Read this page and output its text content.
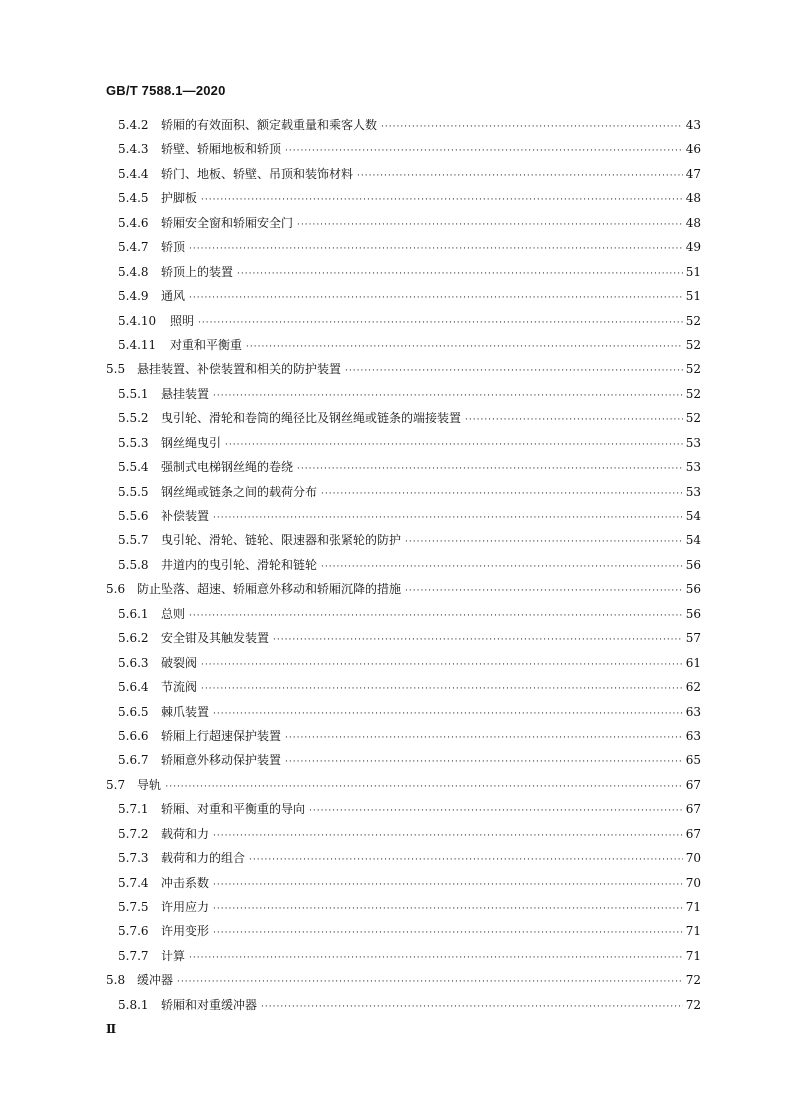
GB/T 7588.1—2020
5.4.2	轿厢的有效面积、额定载重量和乘客人数 ·····	43
5.4.3	轿壁、轿厢地板和轿顶 ·····	46
5.4.4	轿门、地板、轿壁、吊顶和装饰材料 ·····	47
5.4.5	护脚板 ·····	48
5.4.6	轿厢安全窗和轿厢安全门 ·····	48
5.4.7	轿顶 ·····	49
5.4.8	轿顶上的装置 ·····	51
5.4.9	通风 ·····	51
5.4.10	照明 ·····	52
5.4.11	对重和平衡重 ·····	52
5.5 悬挂装置、补偿装置和相关的防护装置 ·····	52
5.5.1	悬挂装置 ·····	52
5.5.2	曳引轮、滑轮和卷筒的绳径比及钢丝绳或链条的端接装置 ·····	52
5.5.3	钢丝绳曳引 ·····	53
5.5.4	强制式电梯钢丝绳的卷绕 ·····	53
5.5.5	钢丝绳或链条之间的载荷分布 ·····	53
5.5.6	补偿装置 ·····	54
5.5.7	曳引轮、滑轮、链轮、限速器和张紧轮的防护 ·····	54
5.5.8	井道内的曳引轮、滑轮和链轮 ·····	56
5.6 防止坠落、超速、轿厢意外移动和轿厢沉降的措施 ·····	56
5.6.1	总则 ·····	56
5.6.2	安全钳及其触发装置 ·····	57
5.6.3	破裂阀 ·····	61
5.6.4	节流阀 ·····	62
5.6.5	棘爪装置 ·····	63
5.6.6	轿厢上行超速保护装置 ·····	63
5.6.7	轿厢意外移动保护装置 ·····	65
5.7 导轨 ·····	67
5.7.1	轿厢、对重和平衡重的导向 ·····	67
5.7.2	载荷和力 ·····	67
5.7.3	载荷和力的组合 ·····	70
5.7.4	冲击系数 ·····	70
5.7.5	许用应力 ·····	71
5.7.6	许用变形 ·····	71
5.7.7	计算 ·····	71
5.8 缓冲器 ·····	72
5.8.1	轿厢和对重缓冲器 ·····	72
Ⅱ
